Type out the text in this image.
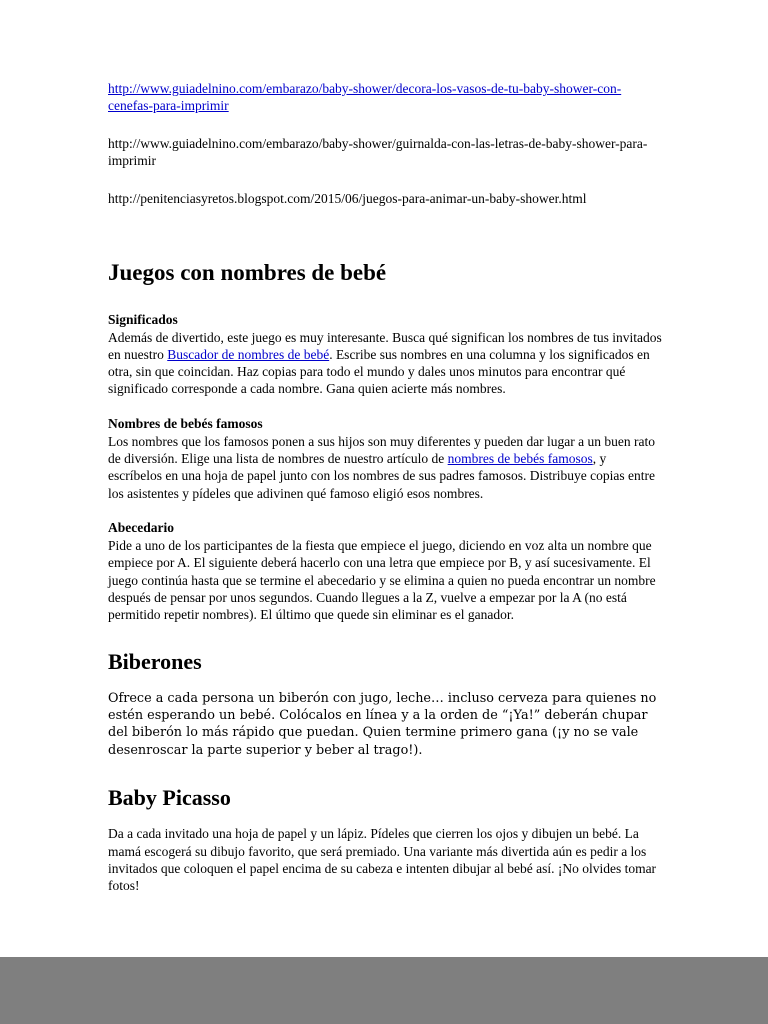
http://www.guiadelnino.com/embarazo/baby-shower/decora-los-vasos-de-tu-baby-shower-con-cenefas-para-imprimir

http://www.guiadelnino.com/embarazo/baby-shower/guirnalda-con-las-letras-de-baby-shower-para-imprimir

http://penitenciasyretos.blogspot.com/2015/06/juegos-para-animar-un-baby-shower.html

Juegos con nombres de bebé

Significados

Además de divertido, este juego es muy interesante. Busca qué significan los nombres de tus invitados en nuestro Buscador de nombres de bebé. Escribe sus nombres en una columna y los significados en otra, sin que coincidan. Haz copias para todo el mundo y dales unos minutos para encontrar qué significado corresponde a cada nombre. Gana quien acierte más nombres.

Nombres de bebés famosos

Los nombres que los famosos ponen a sus hijos son muy diferentes y pueden dar lugar a un buen rato de diversión. Elige una lista de nombres de nuestro artículo de nombres de bebés famosos, y escríbelos en una hoja de papel junto con los nombres de sus padres famosos. Distribuye copias entre los asistentes y pídeles que adivinen qué famoso eligió esos nombres.

Abecedario

Pide a uno de los participantes de la fiesta que empiece el juego, diciendo en voz alta un nombre que empiece por A. El siguiente deberá hacerlo con una letra que empiece por B, y así sucesivamente. El juego continúa hasta que se termine el abecedario y se elimina a quien no pueda encontrar un nombre después de pensar por unos segundos. Cuando llegues a la Z, vuelve a empezar por la A (no está permitido repetir nombres). El último que quede sin eliminar es el ganador.

Biberones

Ofrece a cada persona un biberón con jugo, leche… incluso cerveza para quienes no estén esperando un bebé. Colócalos en línea y a la orden de “¡Ya!” deberán chupar del biberón lo más rápido que puedan. Quien termine primero gana (¡y no se vale desenroscar la parte superior y beber al trago!).

Baby Picasso

Da a cada invitado una hoja de papel y un lápiz. Pídeles que cierren los ojos y dibujen un bebé. La mamá escogerá su dibujo favorito, que será premiado. Una variante más divertida aún es pedir a los invitados que coloquen el papel encima de su cabeza e intenten dibujar al bebé así. ¡No olvides tomar fotos!
